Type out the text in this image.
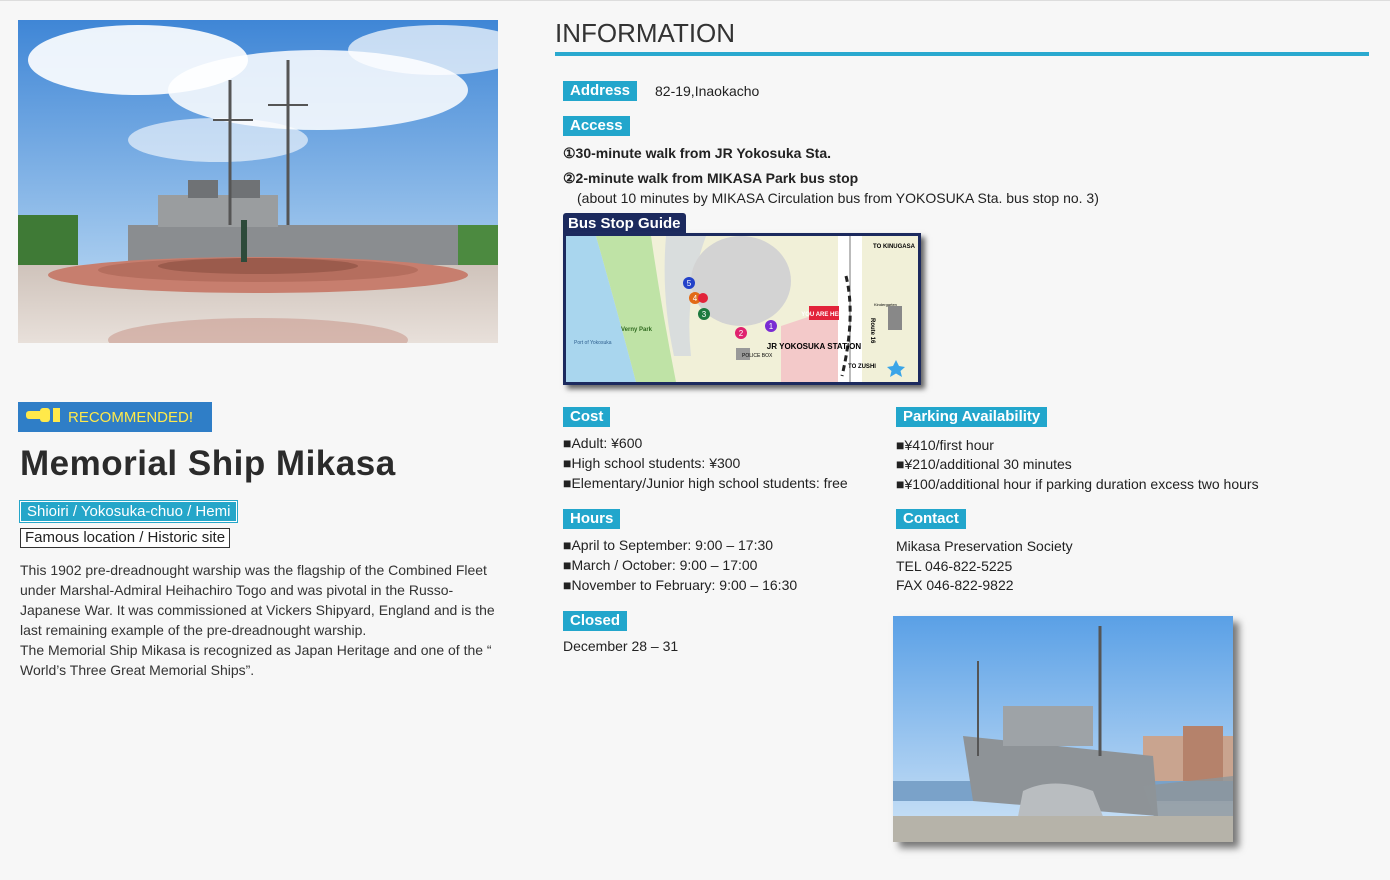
RECOMMENDED!
Memorial Ship Mikasa
Shioiri / Yokosuka-chuo / Hemi
Famous location / Historic site
This 1902 pre-dreadnought warship was the flagship of the Combined Fleet
under Marshal-Admiral Heihachiro Togo and was pivotal in the Russo-
Japanese War. It was commissioned at Vickers Shipyard, England and is the
last remaining example of the pre-dreadnought warship.
The Memorial Ship Mikasa is recognized as Japan Heritage and one of the “
World’s Three Great Memorial Ships”.
INFORMATION
Address	82-19,Inaokacho
Access
①30-minute walk from JR Yokosuka Sta.
②2-minute walk from MIKASA Park bus stop
(about 10 minutes by MIKASA Circulation bus from YOKOSUKA Sta. bus stop no. 3)
Bus Stop Guide
5
4
3
2
1
YOU ARE HERE
JR YOKOSUKA STATION
TO KINUGASA
TO ZUSHI
Verny Park
Port of Yokosuka
POLICE BOX
Kindergarten
Route 16
Cost
■Adult: ¥600
■High school students: ¥300
■Elementary/Junior high school students: free
Parking Availability
■¥410/first hour
■¥210/additional 30 minutes
■¥100/additional hour if parking duration excess two hours
Hours
■April to September: 9:00 – 17:30
■March / October: 9:00 – 17:00
■November to February: 9:00 – 16:30
Contact
Mikasa Preservation Society
TEL 046-822-5225
FAX 046-822-9822
Closed
December 28 – 31
